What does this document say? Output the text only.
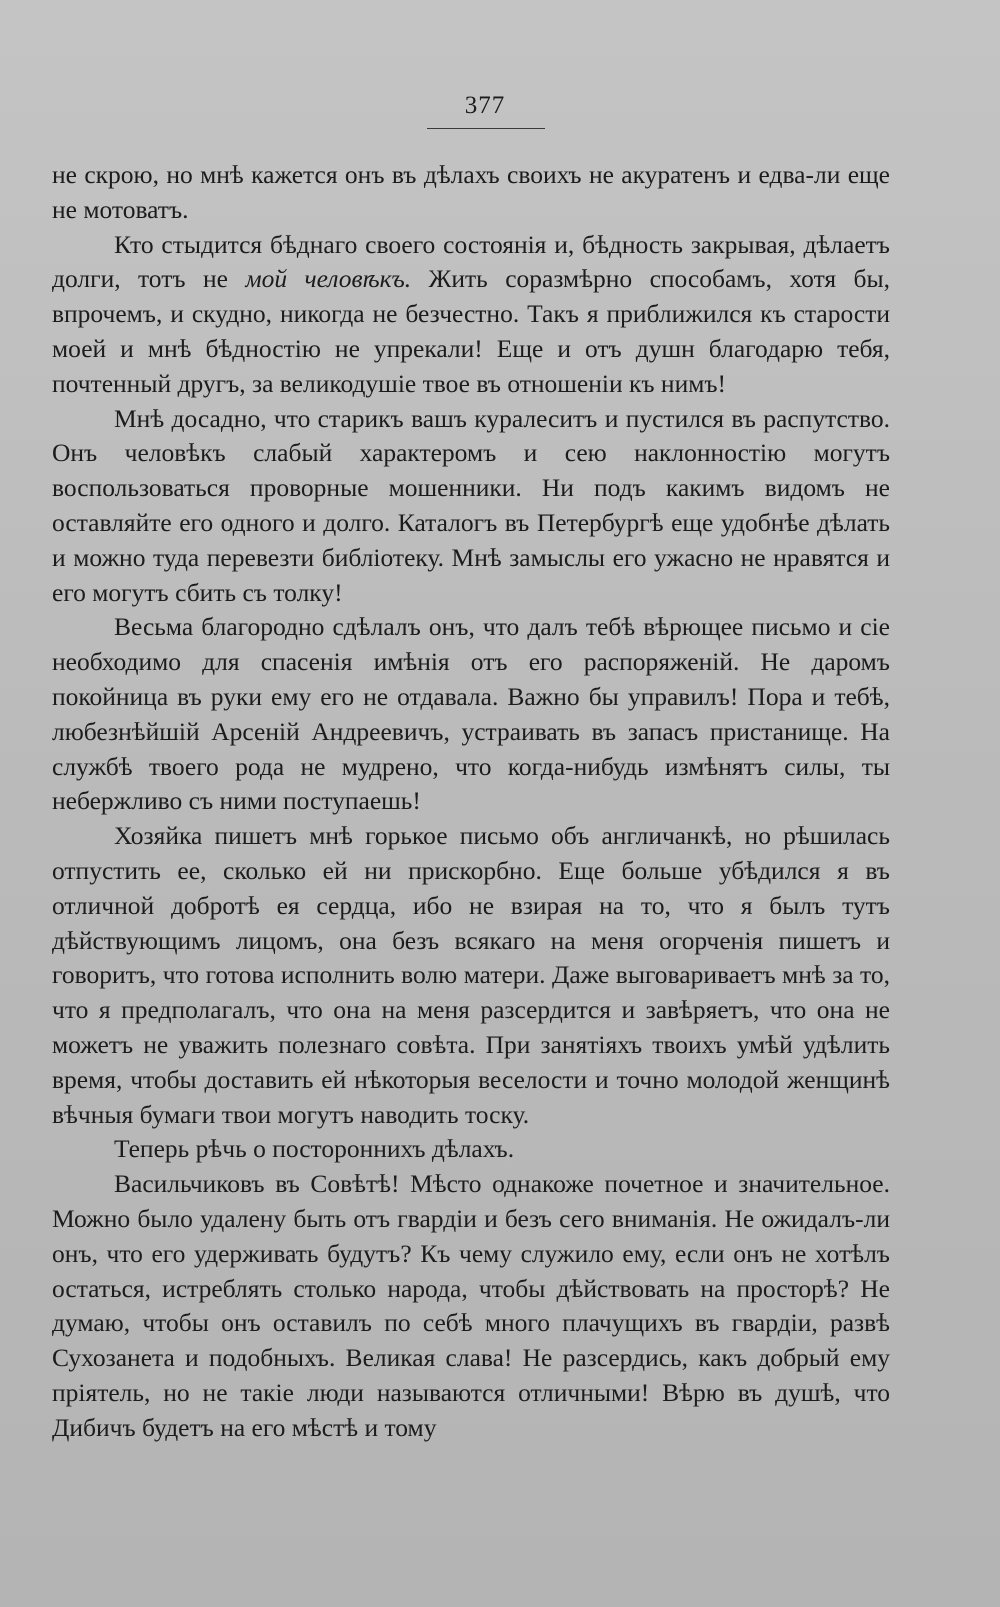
377

не скрою, но мнѣ кажется онъ въ дѣлахъ своихъ не акуратенъ и едва-ли еще не мотоватъ.

Кто стыдится бѣднаго своего состоянія и, бѣдность закрывая, дѣлаетъ долги, тотъ не мой человѣкъ. Жить соразмѣрно способамъ, хотя бы, впрочемъ, и скудно, никогда не безчестно. Такъ я приближился къ старости моей и мнѣ бѣдностію не упрекали! Еще и отъ душн благодарю тебя, почтенный другъ, за великодушіе твое въ отношеніи къ нимъ!

Мнѣ досадно, что старикъ вашъ куралеситъ и пустился въ распутство. Онъ человѣкъ слабый характеромъ и сею наклонностію могутъ воспользоваться проворные мошенники. Ни подъ какимъ видомъ не оставляйте его одного и долго. Каталогъ въ Петербургѣ еще удобнѣе дѣлать и можно туда перевезти библіотеку. Мнѣ замыслы его ужасно не нравятся и его могутъ сбить съ толку!

Весьма благородно сдѣлалъ онъ, что далъ тебѣ вѣрющее письмо и сіе необходимо для спасенія имѣнія отъ его распоряженій. Не даромъ покойница въ руки ему его не отдавала. Важно бы управилъ! Пора и тебѣ, любезнѣйшій Арсеній Андреевичъ, устраивать въ запасъ пристанище. На службѣ твоего рода не мудрено, что когда-нибудь измѣнятъ силы, ты небержливо съ ними поступаешь!

Хозяйка пишетъ мнѣ горькое письмо объ англичанкѣ, но рѣшилась отпустить ее, сколько ей ни прискорбно. Еще больше убѣдился я въ отличной добротѣ ея сердца, ибо не взирая на то, что я былъ тутъ дѣйствующимъ лицомъ, она безъ всякаго на меня огорченія пишетъ и говоритъ, что готова исполнить волю матери. Даже выговариваетъ мнѣ за то, что я предполагалъ, что она на меня разсердится и завѣряетъ, что она не можетъ не уважить полезнаго совѣта. При занятіяхъ твоихъ умѣй удѣлить время, чтобы доставить ей нѣкоторыя веселости и точно молодой женщинѣ вѣчныя бумаги твои могутъ наводить тоску.

Теперь рѣчь о постороннихъ дѣлахъ.

Васильчиковъ въ Совѣтѣ! Мѣсто однакоже почетное и значительное. Можно было удалену быть отъ гвардіи и безъ сего вниманія. Не ожидалъ-ли онъ, что его удерживать будутъ? Къ чему служило ему, если онъ не хотѣлъ остаться, истреблять столько народа, чтобы дѣйствовать на просторѣ? Не думаю, чтобы онъ оставилъ по себѣ много плачущихъ въ гвардіи, развѣ Сухозанета и подобныхъ. Великая слава! Не разсердись, какъ добрый ему пріятель, но не такіе люди называются отличными! Вѣрю въ душѣ, что Дибичъ будетъ на его мѣстѣ и тому
